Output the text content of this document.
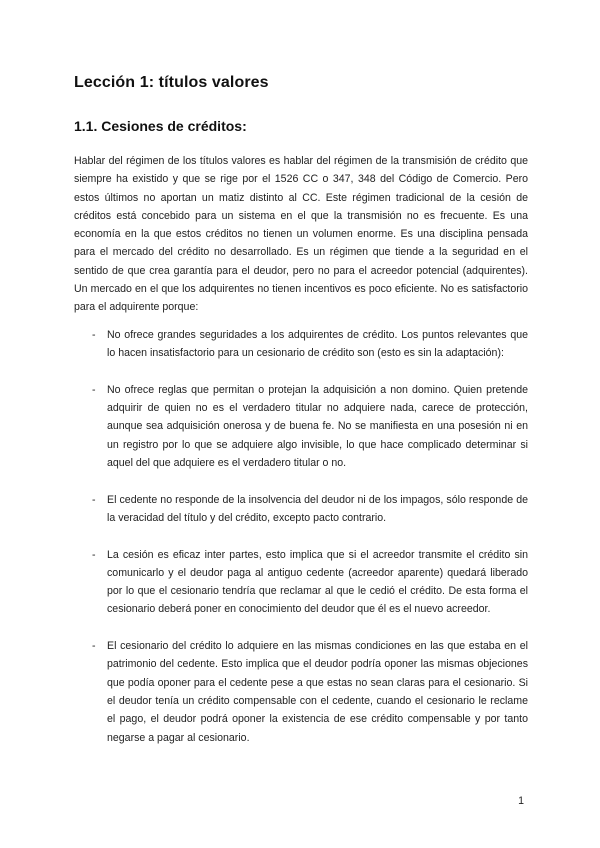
Lección 1: títulos valores
1.1. Cesiones de créditos:

Hablar del régimen de los títulos valores es hablar del régimen de la transmisión de crédito que siempre ha existido y que se rige por el 1526 CC o 347, 348 del Código de Comercio. Pero estos últimos no aportan un matiz distinto al CC. Este régimen tradicional de la cesión de créditos está concebido para un sistema en el que la transmisión no es frecuente. Es una economía en la que estos créditos no tienen un volumen enorme. Es una disciplina pensada para el mercado del crédito no desarrollado. Es un régimen que tiende a la seguridad en el sentido de que crea garantía para el deudor, pero no para el acreedor potencial (adquirentes). Un mercado en el que los adquirentes no tienen incentivos es poco eficiente. No es satisfactorio para el adquirente porque:

- No ofrece grandes seguridades a los adquirentes de crédito. Los puntos relevantes que lo hacen insatisfactorio para un cesionario de crédito son (esto es sin la adaptación):
- No ofrece reglas que permitan o protejan la adquisición a non domino. Quien pretende adquirir de quien no es el verdadero titular no adquiere nada, carece de protección, aunque sea adquisición onerosa y de buena fe. No se manifiesta en una posesión ni en un registro por lo que se adquiere algo invisible, lo que hace complicado determinar si aquel del que adquiere es el verdadero titular o no.
- El cedente no responde de la insolvencia del deudor ni de los impagos, sólo responde de la veracidad del título y del crédito, excepto pacto contrario.
- La cesión es eficaz inter partes, esto implica que si el acreedor transmite el crédito sin comunicarlo y el deudor paga al antiguo cedente (acreedor aparente) quedará liberado por lo que el cesionario tendría que reclamar al que le cedió el crédito. De esta forma el cesionario deberá poner en conocimiento del deudor que él es el nuevo acreedor.
- El cesionario del crédito lo adquiere en las mismas condiciones en las que estaba en el patrimonio del cedente. Esto implica que el deudor podría oponer las mismas objeciones que podía oponer para el cedente pese a que estas no sean claras para el cesionario. Si el deudor tenía un crédito compensable con el cedente, cuando el cesionario le reclame el pago, el deudor podrá oponer la existencia de ese crédito compensable y por tanto negarse a pagar al cesionario.
1
